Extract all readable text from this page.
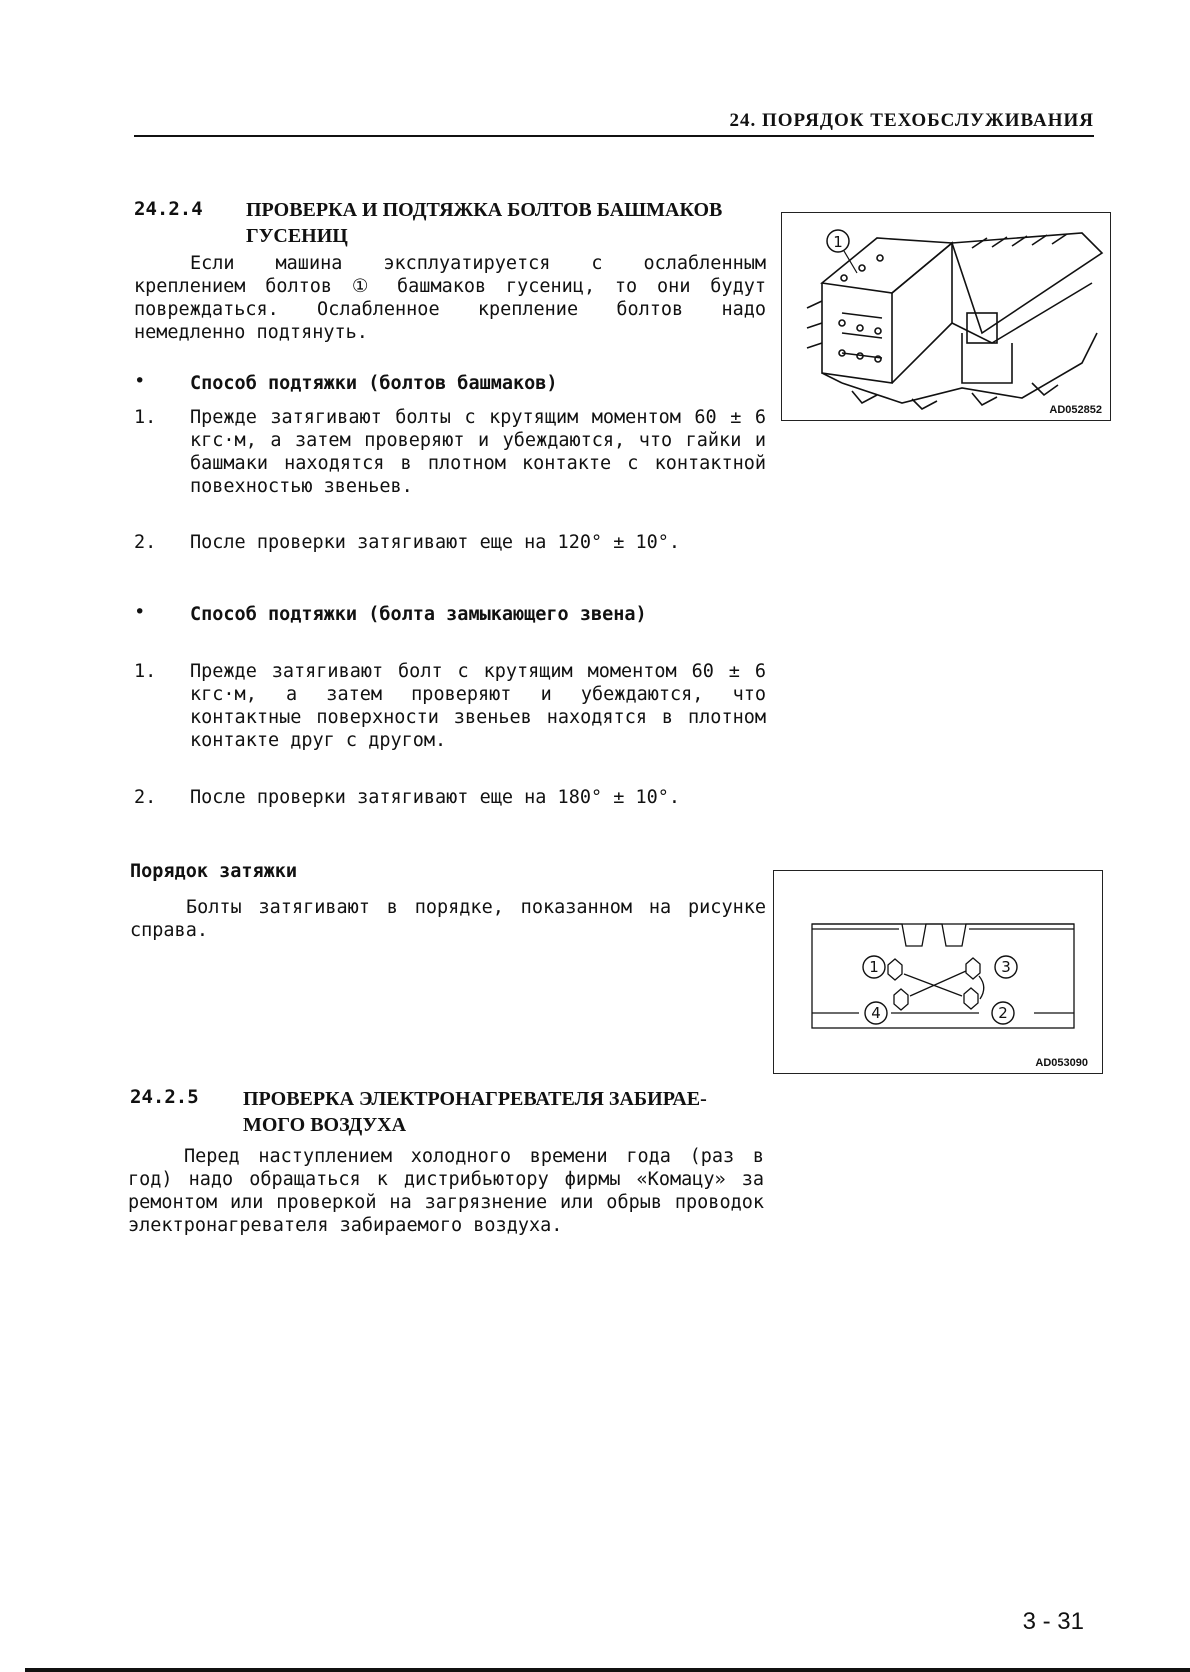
24. ПОРЯДОК ТЕХОБСЛУЖИВАНИЯ
24.2.4 ПРОВЕРКА И ПОДТЯЖКА БОЛТОВ БАШМАКОВ
ГУСЕНИЦ
Если машина эксплуатируется с ослабленным креплением болтов ① башмаков гусениц, то они будут повреждаться. Ослабленное крепление болтов надо немедленно подтянуть.
• Способ подтяжки (болтов башмаков)
1. Прежде затягивают болты с крутящим моментом 60 ± 6 кгс·м, а затем проверяют и убеждаются, что гайки и башмаки находятся в плотном контакте с контактной повехностью звеньев.
2. После проверки затягивают еще на 120° ± 10°.
• Способ подтяжки (болта замыкающего звена)
1. Прежде затягивают болт с крутящим моментом 60 ± 6 кгс·м, а затем проверяют и убеждаются, что контактные поверхности звеньев находятся в плотном контакте друг с другом.
2. После проверки затягивают еще на 180° ± 10°.
Порядок затяжки
Болты затягивают в порядке, показанном на рисунке справа.
1
AD052852
1	3
2
4
AD053090
24.2.5 ПРОВЕРКА ЭЛЕКТРОНАГРЕВАТЕЛЯ ЗАБИРАЕ-
МОГО ВОЗДУХА
Перед наступлением холодного времени года (раз в год) надо обращаться к дистрибьютору фирмы «Комацу» за ремонтом или проверкой на загрязнение или обрыв проводок электронагревателя забираемого воздуха.
3 - 31
